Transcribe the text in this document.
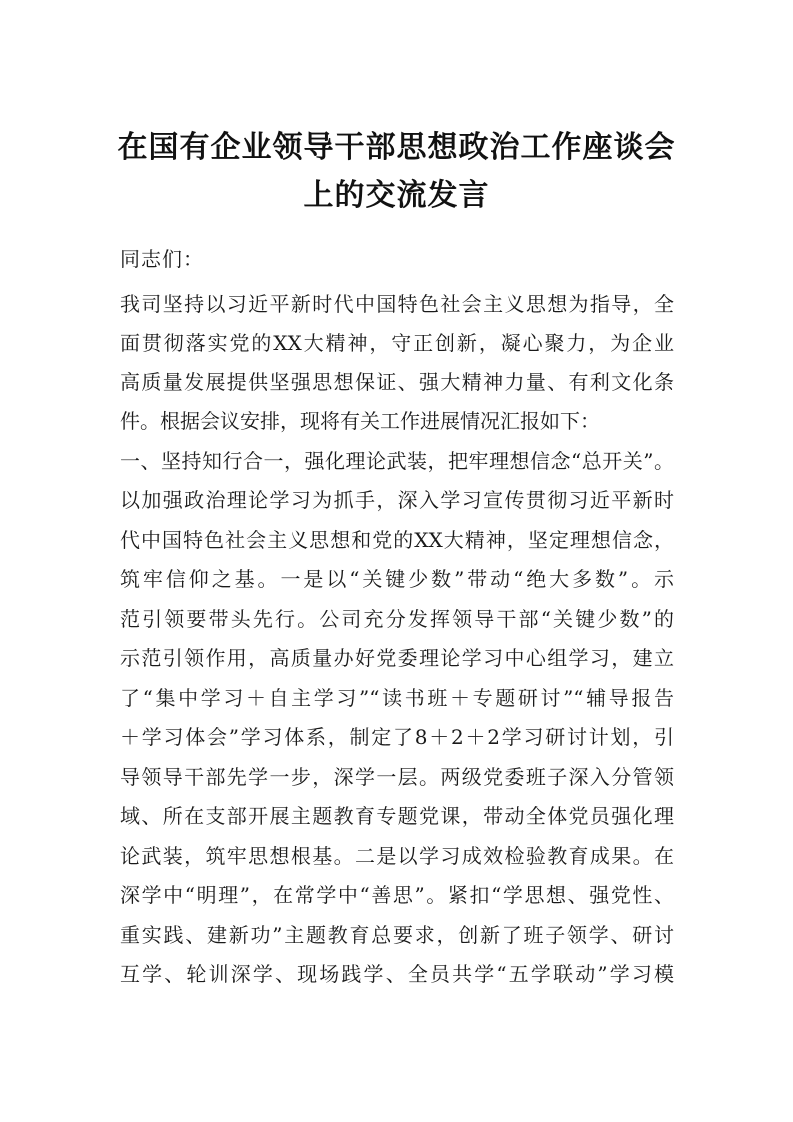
在国有企业领导干部思想政治工作座谈会
上的交流发言
同志们：
我司坚持以习近平新时代中国特色社会主义思想为指导，全
面贯彻落实党的XX大精神，守正创新，凝心聚力，为企业
高质量发展提供坚强思想保证、强大精神力量、有利文化条
件。根据会议安排，现将有关工作进展情况汇报如下：
一、坚持知行合一，强化理论武装，把牢理想信念“总开关”。
以加强政治理论学习为抓手，深入学习宣传贯彻习近平新时
代中国特色社会主义思想和党的XX大精神，坚定理想信念，
筑牢信仰之基。一是以“关键少数”带动“绝大多数”。示
范引领要带头先行。公司充分发挥领导干部“关键少数”的
示范引领作用，高质量办好党委理论学习中心组学习，建立
了“集中学习＋自主学习”“读书班＋专题研讨”“辅导报告
＋学习体会”学习体系，制定了8＋2＋2学习研讨计划，引
导领导干部先学一步，深学一层。两级党委班子深入分管领
域、所在支部开展主题教育专题党课，带动全体党员强化理
论武装，筑牢思想根基。二是以学习成效检验教育成果。在
深学中“明理”，在常学中“善思”。紧扣“学思想、强党性、
重实践、建新功”主题教育总要求，创新了班子领学、研讨
互学、轮训深学、现场践学、全员共学“五学联动”学习模
